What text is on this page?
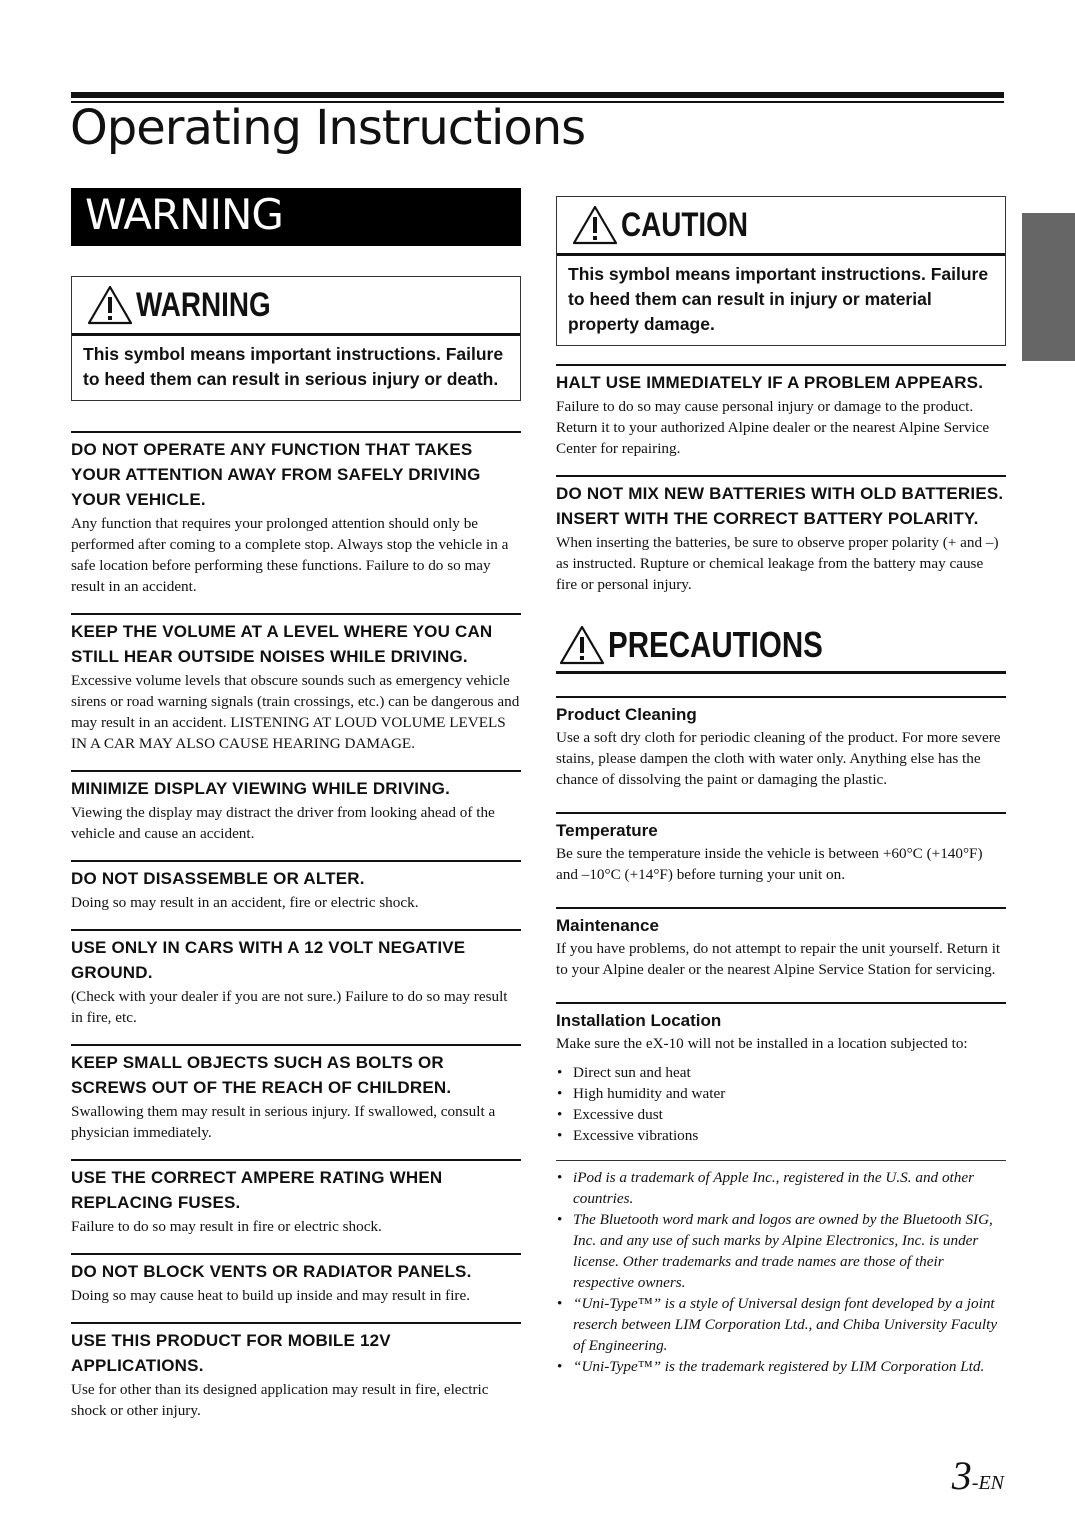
Operating Instructions
WARNING
WARNING
This symbol means important instructions. Failure to heed them can result in serious injury or death.
DO NOT OPERATE ANY FUNCTION THAT TAKES YOUR ATTENTION AWAY FROM SAFELY DRIVING YOUR VEHICLE.
Any function that requires your prolonged attention should only be performed after coming to a complete stop. Always stop the vehicle in a safe location before performing these functions. Failure to do so may result in an accident.
KEEP THE VOLUME AT A LEVEL WHERE YOU CAN STILL HEAR OUTSIDE NOISES WHILE DRIVING.
Excessive volume levels that obscure sounds such as emergency vehicle sirens or road warning signals (train crossings, etc.) can be dangerous and may result in an accident. LISTENING AT LOUD VOLUME LEVELS IN A CAR MAY ALSO CAUSE HEARING DAMAGE.
MINIMIZE DISPLAY VIEWING WHILE DRIVING.
Viewing the display may distract the driver from looking ahead of the vehicle and cause an accident.
DO NOT DISASSEMBLE OR ALTER.
Doing so may result in an accident, fire or electric shock.
USE ONLY IN CARS WITH A 12 VOLT NEGATIVE GROUND.
(Check with your dealer if you are not sure.) Failure to do so may result in fire, etc.
KEEP SMALL OBJECTS SUCH AS BOLTS OR SCREWS OUT OF THE REACH OF CHILDREN.
Swallowing them may result in serious injury. If swallowed, consult a physician immediately.
USE THE CORRECT AMPERE RATING WHEN REPLACING FUSES.
Failure to do so may result in fire or electric shock.
DO NOT BLOCK VENTS OR RADIATOR PANELS.
Doing so may cause heat to build up inside and may result in fire.
USE THIS PRODUCT FOR MOBILE 12V APPLICATIONS.
Use for other than its designed application may result in fire, electric shock or other injury.
CAUTION
This symbol means important instructions. Failure to heed them can result in injury or material property damage.
HALT USE IMMEDIATELY IF A PROBLEM APPEARS.
Failure to do so may cause personal injury or damage to the product. Return it to your authorized Alpine dealer or the nearest Alpine Service Center for repairing.
DO NOT MIX NEW BATTERIES WITH OLD BATTERIES. INSERT WITH THE CORRECT BATTERY POLARITY.
When inserting the batteries, be sure to observe proper polarity (+ and –) as instructed. Rupture or chemical leakage from the battery may cause fire or personal injury.
PRECAUTIONS
Product Cleaning
Use a soft dry cloth for periodic cleaning of the product. For more severe stains, please dampen the cloth with water only. Anything else has the chance of dissolving the paint or damaging the plastic.
Temperature
Be sure the temperature inside the vehicle is between +60°C (+140°F) and –10°C (+14°F) before turning your unit on.
Maintenance
If you have problems, do not attempt to repair the unit yourself. Return it to your Alpine dealer or the nearest Alpine Service Station for servicing.
Installation Location
Make sure the eX-10 will not be installed in a location subjected to:
• Direct sun and heat
• High humidity and water
• Excessive dust
• Excessive vibrations
• iPod is a trademark of Apple Inc., registered in the U.S. and other countries.
• The Bluetooth word mark and logos are owned by the Bluetooth SIG, Inc. and any use of such marks by Alpine Electronics, Inc. is under license. Other trademarks and trade names are those of their respective owners.
• “Uni-Type™” is a style of Universal design font developed by a joint reserch between LIM Corporation Ltd., and Chiba University Faculty of Engineering.
• “Uni-Type™” is the trademark registered by LIM Corporation Ltd.
3-EN
